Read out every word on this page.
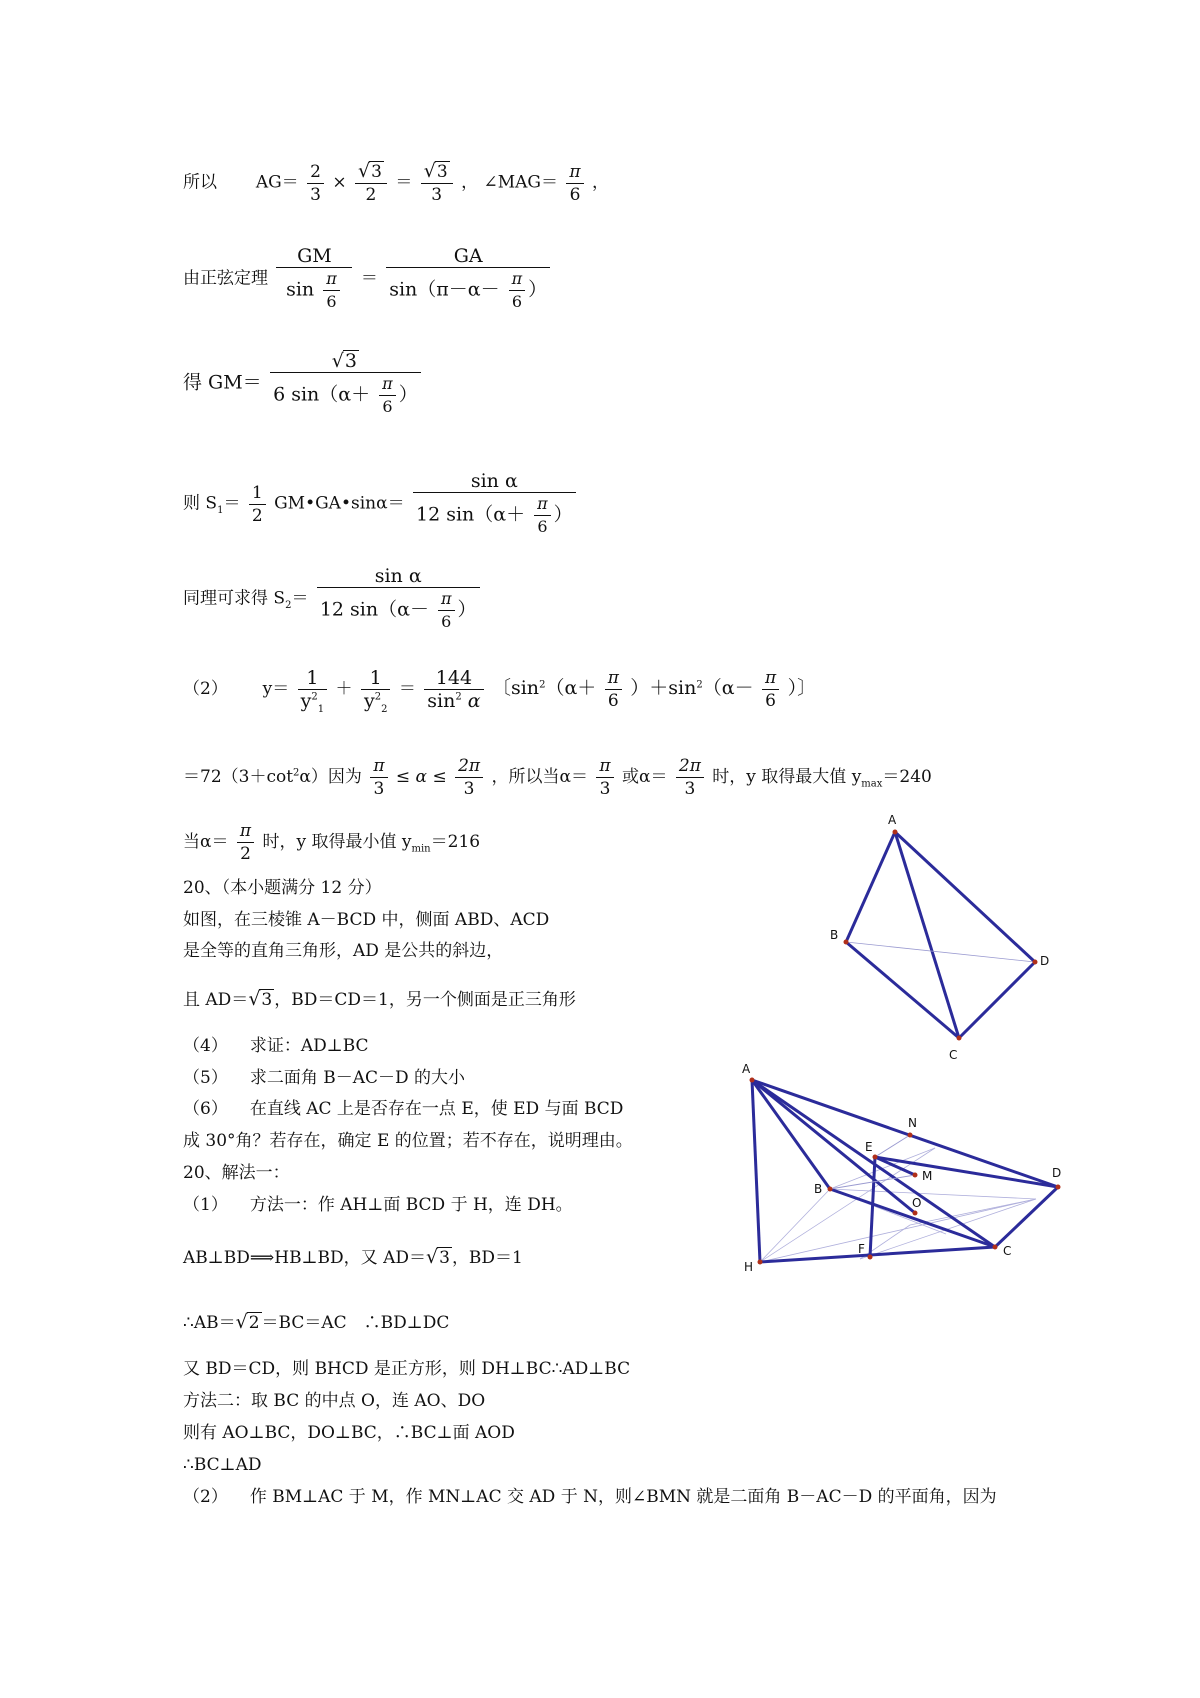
所以 $AG= \frac{2}{3} \times \frac{√3}{2} = \frac{√3}{3}$ ， ∠MAG＝ $\frac{\pi}{6}$ ，
由正弦定理 $\frac{GM}{\sin \frac{\pi}{6}} = \frac{GA}{\sin(\pi-\alpha- \frac{\pi}{6} )}$
得 $GM= \frac{√3}{6 \sin(\alpha+ \frac{\pi}{6} )}$
则 $S_1= \frac{1}{2}$ GM•GA•sinα＝ $\frac{\text{sin α}}{12 \sin(\alpha+ \frac{\pi}{6} )}$
同理可求得 $S_2= \frac{\text{sin α}}{12 \sin(\alpha- \frac{\pi}{6} )}$
（2） $y= \frac{1}{y^2_1} + \frac{1}{y^2_2} = \frac{144}{\sin^2 \alpha}$ 〔$\sin^2(\alpha+ \frac{\pi}{6} )+\sin^2(\alpha- \frac{\pi}{6}$ ）〕
$=72(3+\cot^2\alpha)$因为 $\frac{\pi}{3} \le \alpha \le \frac{2\pi}{3}$ ，所以当$\alpha= \frac{\pi}{3}$ 或$\alpha= \frac{2\pi}{3}$ 时，y 取得最大值 $y_{max}=240$
当$\alpha= \frac{\pi}{2}$ 时，y 取得最小值 $y_{min}=216$
20、（本小题满分 12 分）
如图，在三棱锥 A－BCD 中，侧面 ABD、ACD
是全等的直角三角形，AD 是公共的斜边，
且 AD＝√3 ，BD＝CD＝1，另一个侧面是正三角形
（4） 求证：AD⊥BC
（5） 求二面角 B－AC－D 的大小
（6） 在直线 AC 上是否存在一点 E，使 ED 与面 BCD
成 30°角？若存在，确定 E 的位置；若不存在，说明理由。
20、解法一：
（1） 方法一：作 AH⊥面 BCD 于 H，连 DH。
AB⊥BD⟹HB⊥BD，又 AD＝√3 ，BD＝1
∴AB＝√2 ＝BC＝AC　∴BD⊥DC
又 BD＝CD，则 BHCD 是正方形，则 DH⊥BC∴AD⊥BC
方法二：取 BC 的中点 O，连 AO、DO
则有 AO⊥BC，DO⊥BC，∴BC⊥面 AOD
∴BC⊥AD
（2） 作 BM⊥AC 于 M，作 MN⊥AC 交 AD 于 N，则∠BMN 就是二面角 B－AC－D 的平面角，因为
A
B
D
C
A
B
C
D
H
E
F
M
N
O
